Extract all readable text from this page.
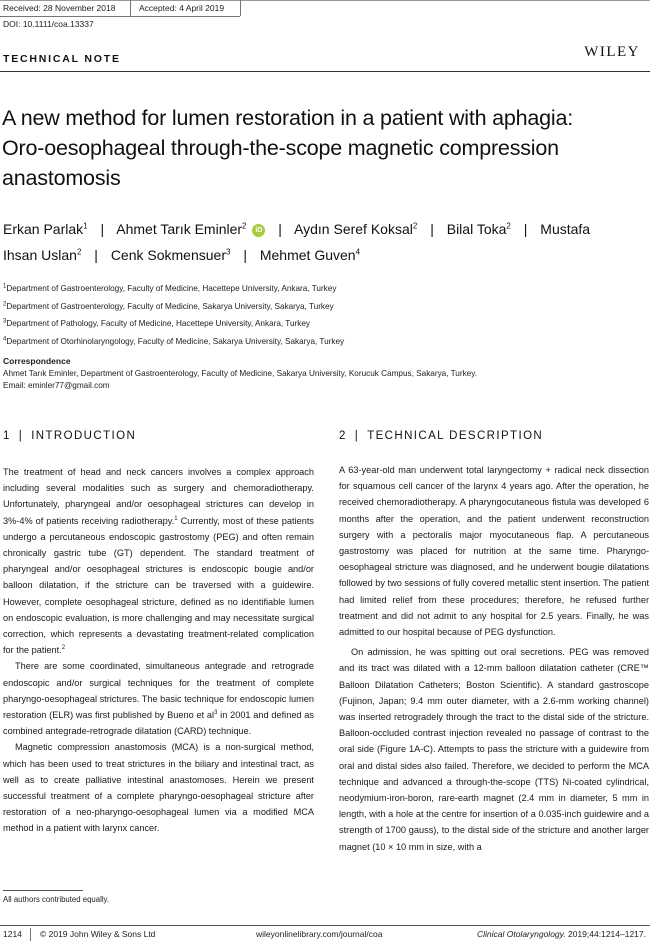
Received: 28 November 2018	Accepted: 4 April 2019
DOI: 10.1111/coa.13337
WILEY
TECHNICAL NOTE
A new method for lumen restoration in a patient with aphagia:
Oro-oesophageal through-the-scope magnetic compression
anastomosis
Erkan Parlak$^1$ | Ahmet Tarık Eminler$^2$ iD | Aydın Seref Koksal$^2$ | Bilal Toka$^2$ | Mustafa
Ihsan Uslan$^2$ | Cenk Sokmensuer$^3$ | Mehmet Guven$^4$
$^1$Department of Gastroenterology, Faculty of Medicine, Hacettepe University, Ankara, Turkey
$^2$Department of Gastroenterology, Faculty of Medicine, Sakarya University, Sakarya, Turkey
$^3$Department of Pathology, Faculty of Medicine, Hacettepe University, Ankara, Turkey
$^4$Department of Otorhinolaryngology, Faculty of Medicine, Sakarya University, Sakarya, Turkey
Correspondence
Ahmet Tarık Eminler, Department of Gastroenterology, Faculty of Medicine, Sakarya University, Korucuk Campus, Sakarya, Turkey.
Email: eminler77@gmail.com
1 | INTRODUCTION	2 | TECHNICAL DESCRIPTION

The treatment of head and neck cancers involves a complex approach including several modalities such as surgery and chemoradiotherapy. Unfortunately, pharyngeal and/or oesophageal strictures can develop in 3%-4% of patients receiving radiotherapy.$^1$ Currently, most of these patients undergo a percutaneous endoscopic gastrostomy (PEG) and often remain chronically gastric tube (GT) dependent. The standard treatment of pharyngeal and/or oesophageal strictures is endoscopic bougie and/or balloon dilatation, if the stricture can be traversed with a guidewire. However, complete oesophageal stricture, defined as no identifiable lumen on endoscopic evaluation, is more challenging and may necessitate surgical correction, which represents a devastating treatment-related complication for the patient.$^2$

There are some coordinated, simultaneous antegrade and retrograde endoscopic and/or surgical techniques for the treatment of complete pharyngo-oesophageal strictures. The basic technique for endoscopic lumen restoration (ELR) was first published by Bueno et $al^3$ in 2001 and defined as combined antegrade-retrograde dilatation (CARD) technique.

Magnetic compression anastomosis (MCA) is a non-surgical method, which has been used to treat strictures in the biliary and intestinal tract, as well as to create palliative intestinal anastomoses. Herein we present successful treatment of a complete pharyngo-oesophageal stricture after restoration of a neo-pharyngo-oesophageal lumen via a modified MCA method in a patient with larynx cancer.

All authors contributed equally.

A 63-year-old man underwent total laryngectomy + radical neck dissection for squamous cell cancer of the larynx 4 years ago. After the operation, he received chemoradiotherapy. A pharyngocutaneous fistula was developed 6 months after the operation, and the patient underwent reconstruction surgery with a pectoralis major myocutaneous flap. A percutaneous gastrostomy was placed for nutrition at the same time. Pharyngo-oesophageal stricture was diagnosed, and he underwent bougie dilatations followed by two sessions of fully covered metallic stent insertion. The patient had limited relief from these procedures; therefore, he refused further treatment and did not admit to any hospital for 2.5 years. Finally, he was admitted to our hospital because of PEG dysfunction.

On admission, he was spitting out oral secretions. PEG was removed and its tract was dilated with a 12-mm balloon dilatation catheter (CRE™ Balloon Dilatation Catheters; Boston Scientific). A standard gastroscope (Fujinon, Japan; 9.4 mm outer diameter, with a 2.6-mm working channel) was inserted retrogradely through the tract to the distal side of the stricture. Balloon-occluded contrast injection revealed no passage of contrast to the oral side (Figure 1A-C). Attempts to pass the stricture with a guidewire from oral and distal sides also failed. Therefore, we decided to perform the MCA technique and advanced a through-the-scope (TTS) Ni-coated cylindrical, neodymium-iron-boron, rare-earth magnet (2.4 mm in diameter, 5 mm in length, with a hole at the centre for insertion of a 0.035-inch guidewire and a strength of 1700 gauss), to the distal side of the stricture and another larger magnet (10 × 10 mm in size, with a

1214 © 2019 John Wiley & Sons Ltd	wileyonlinelibrary.com/journal/coa	Clinical Otolaryngology. 2019;44:1214–1217.
